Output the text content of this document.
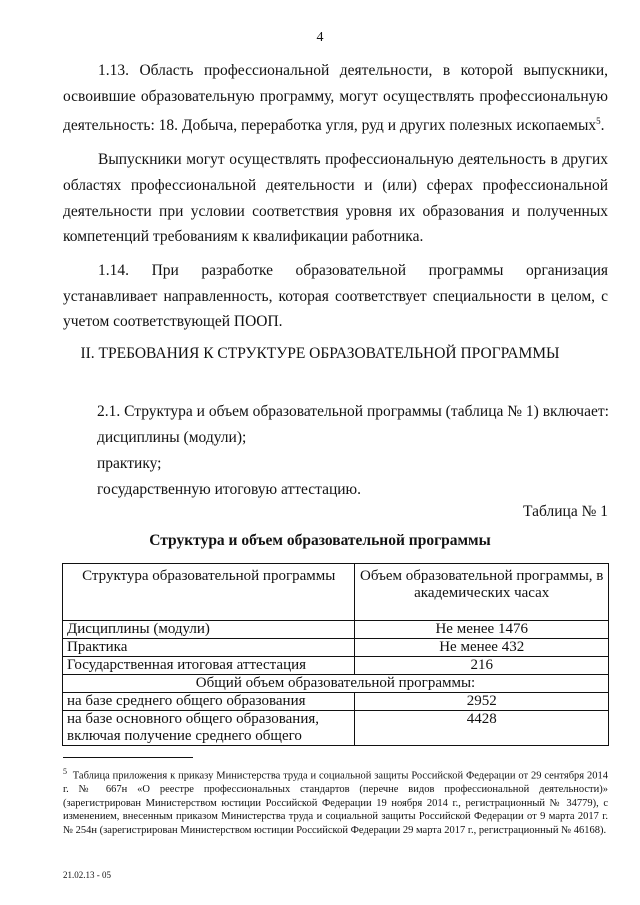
4

1.13. Область профессиональной деятельности, в которой выпускники, освоившие образовательную программу, могут осуществлять профессиональную деятельность: 18. Добыча, переработка угля, руд и других полезных ископаемых$^5$.

Выпускники могут осуществлять профессиональную деятельность в других областях профессиональной деятельности и (или) сферах профессиональной деятельности при условии соответствия уровня их образования и полученных компетенций требованиям к квалификации работника.

1.14. При разработке образовательной программы организация устанавливает направленность, которая соответствует специальности в целом, с учетом соответствующей ПООП.

II. ТРЕБОВАНИЯ К СТРУКТУРЕ ОБРАЗОВАТЕЛЬНОЙ ПРОГРАММЫ
2.1. Структура и объем образовательной программы (таблица № 1) включает:
дисциплины (модули);
практику;
государственную итоговую аттестацию.
Таблица № 1
Структура и объем образовательной программы
Структура образовательной программы	Объем образовательной программы, в академических часах
Дисциплины (модули)	Не менее 1476
Практика	Не менее 432
Государственная итоговая аттестация	216
Общий объем образовательной программы:	
на базе среднего общего образования	2952
на базе основного общего образования, включая получение среднего общего	4428
$^5$ Таблица приложения к приказу Министерства труда и социальной защиты Российской Федерации от 29 сентября 2014 г. № 667н «О реестре профессиональных стандартов (перечне видов профессиональной деятельности)» (зарегистрирован Министерством юстиции Российской Федерации 19 ноября 2014 г., регистрационный № 34779), с изменением, внесенным приказом Министерства труда и социальной защиты Российской Федерации от 9 марта 2017 г. № 254н (зарегистрирован Министерством юстиции Российской Федерации 29 марта 2017 г., регистрационный № 46168).
21.02.13 - 05
